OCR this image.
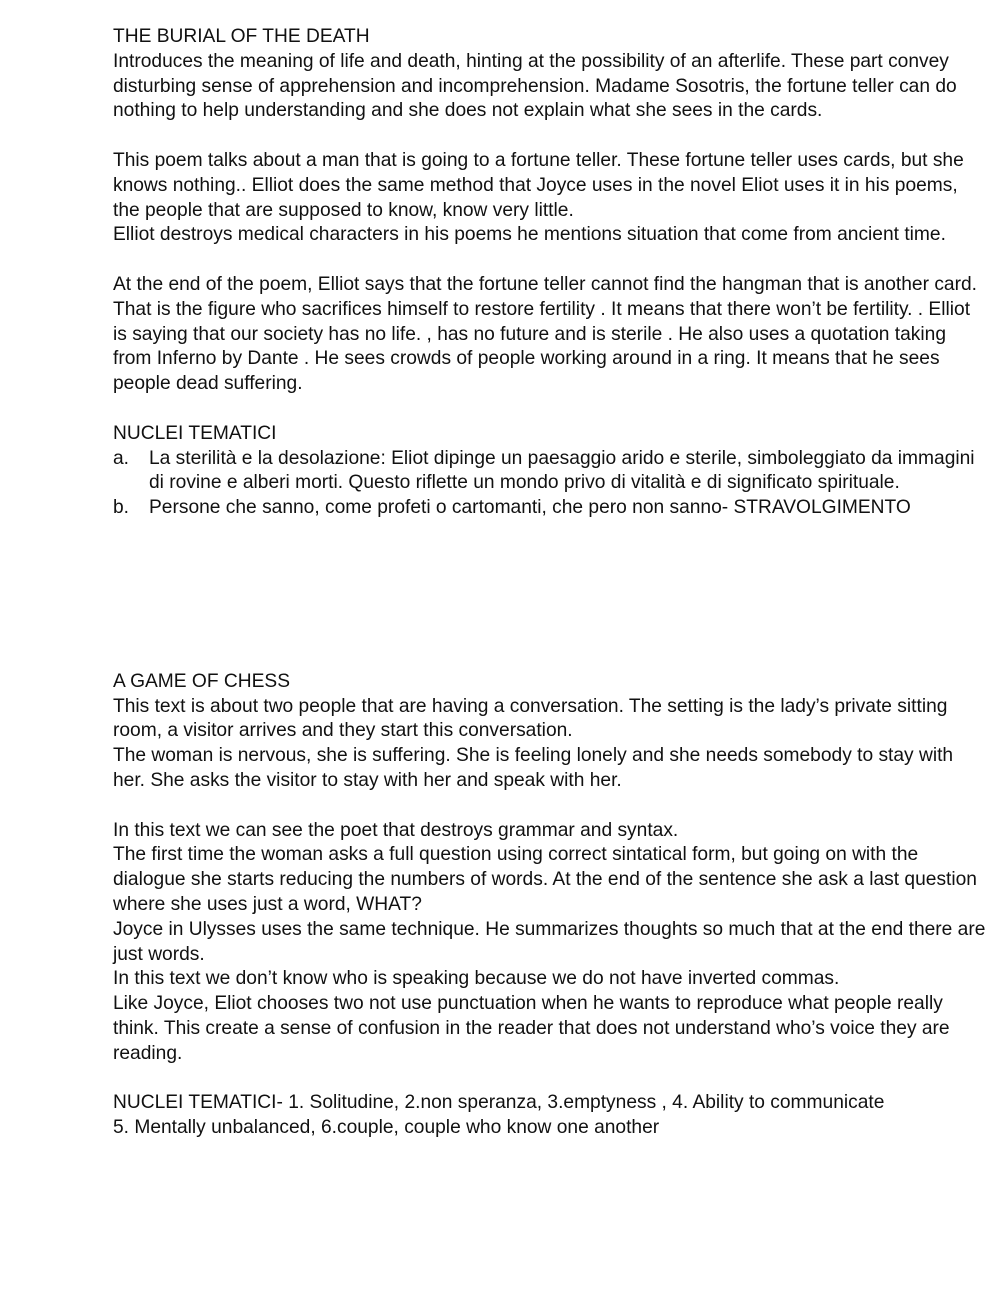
THE BURIAL OF THE DEATH

Introduces the meaning of life and death, hinting at the possibility of an afterlife. These part convey disturbing sense of apprehension and incomprehension. Madame Sosotris, the fortune teller can do nothing to help understanding and she does not explain what she sees in the cards.

This poem talks about a man that is going to a fortune teller. These fortune teller uses cards, but she knows nothing.. Elliot does the same method that Joyce uses in the novel Eliot uses it in his poems, the people that are supposed to know, know very little.

Elliot destroys medical characters in his poems he mentions situation that come from ancient time.

At the end of the poem, Elliot says that the fortune teller cannot find the hangman that is another card. That is the figure who sacrifices himself to restore fertility . It means that there won’t be fertility. . Elliot is saying that our society has no life. , has no future and is sterile . He also uses a quotation taking from Inferno by Dante . He sees crowds of people working around in a ring. It means that he sees people dead suffering.

NUCLEI TEMATICI

a. La sterilità e la desolazione: Eliot dipinge un paesaggio arido e sterile, simboleggiato da immagini di rovine e alberi morti. Questo riflette un mondo privo di vitalità e di significato spirituale.
b. Persone che sanno, come profeti o cartomanti, che pero non sanno- STRAVOLGIMENTO

A GAME OF CHESS

This text is about two people that are having a conversation. The setting is the lady’s private sitting room, a visitor arrives and they start this conversation.

The woman is nervous, she is suffering. She is feeling lonely and she needs somebody to stay with her. She asks the visitor to stay with her and speak with her.

In this text we can see the poet that destroys grammar and syntax.

The first time the woman asks a full question using correct sintatical form, but going on with the dialogue she starts reducing the numbers of words. At the end of the sentence she ask a last question where she uses just a word, WHAT?

Joyce in Ulysses uses the same technique. He summarizes thoughts so much that at the end there are just words.

In this text we don’t know who is speaking because we do not have inverted commas.

Like Joyce, Eliot chooses two not use punctuation when he wants to reproduce what people really think. This create a sense of confusion in the reader that does not understand who’s voice they are reading.

NUCLEI TEMATICI- 1. Solitudine, 2.non speranza, 3.emptyness , 4. Ability to communicate

5. Mentally unbalanced, 6.couple, couple who know one another
